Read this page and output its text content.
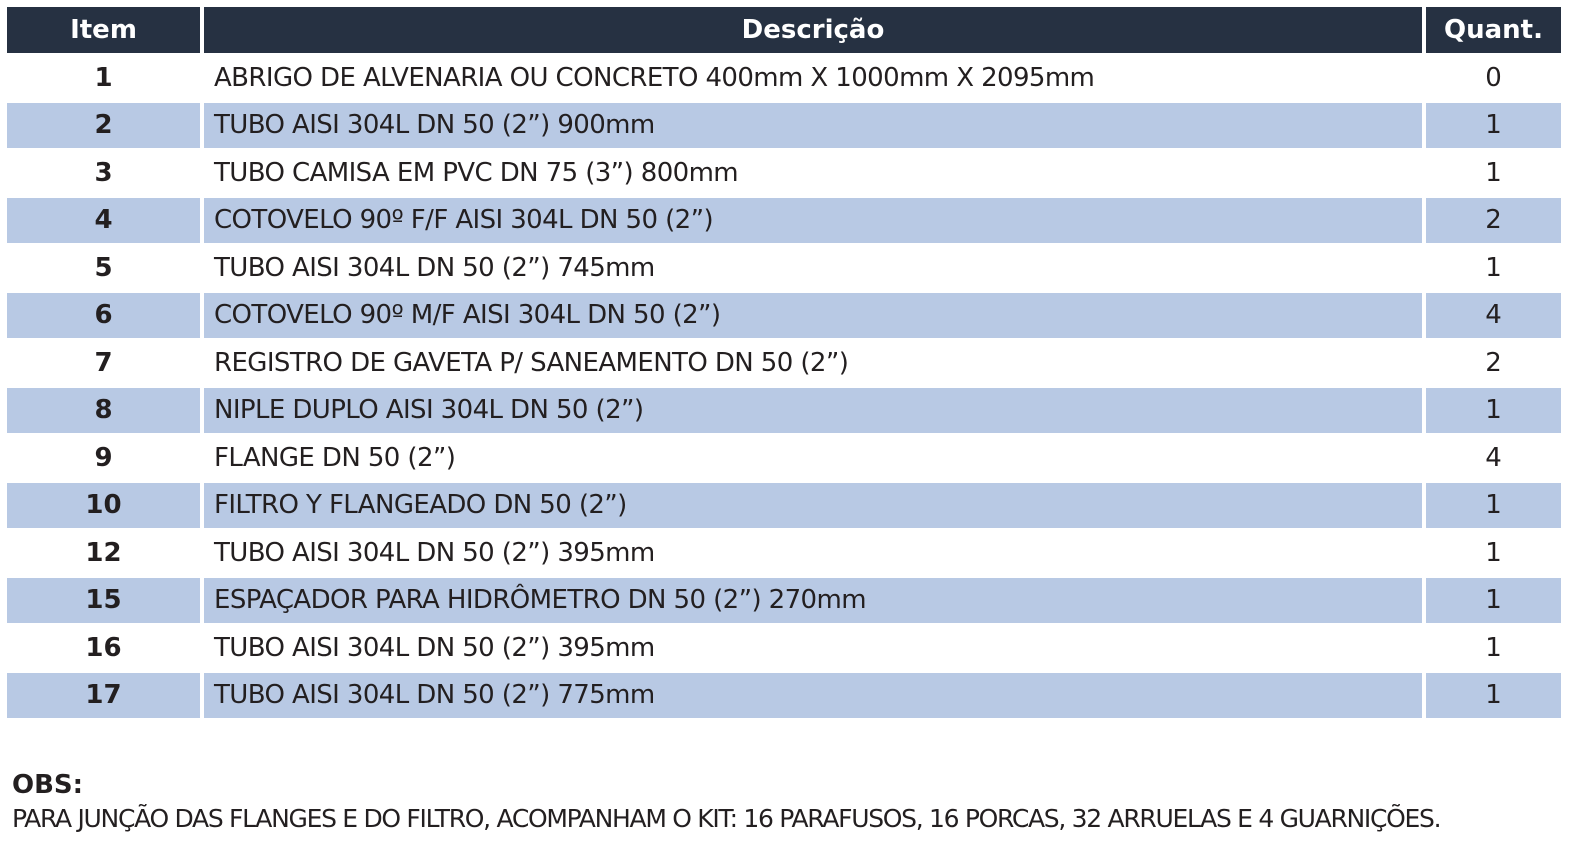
Item	Descrição	Quant.
1	ABRIGO DE ALVENARIA OU CONCRETO 400mm X 1000mm X 2095mm	0
2	TUBO AISI 304L DN 50 (2”) 900mm	1
3	TUBO CAMISA EM PVC DN 75 (3”) 800mm	1
4	COTOVELO 90º F/F AISI 304L DN 50 (2”)	2
5	TUBO AISI 304L DN 50 (2”) 745mm	1
6	COTOVELO 90º M/F AISI 304L DN 50 (2”)	4
7	REGISTRO DE GAVETA P/ SANEAMENTO DN 50 (2”)	2
8	NIPLE DUPLO AISI 304L DN 50 (2”)	1
9	FLANGE DN 50 (2”)	4
10	FILTRO Y FLANGEADO DN 50 (2”)	1
12	TUBO AISI 304L DN 50 (2”) 395mm	1
15	ESPAÇADOR PARA HIDRÔMETRO DN 50 (2”) 270mm	1
16	TUBO AISI 304L DN 50 (2”) 395mm	1
17	TUBO AISI 304L DN 50 (2”) 775mm	1
OBS:
PARA JUNÇÃO DAS FLANGES E DO FILTRO, ACOMPANHAM O KIT: 16 PARAFUSOS, 16 PORCAS, 32 ARRUELAS E 4 GUARNIÇÕES.
